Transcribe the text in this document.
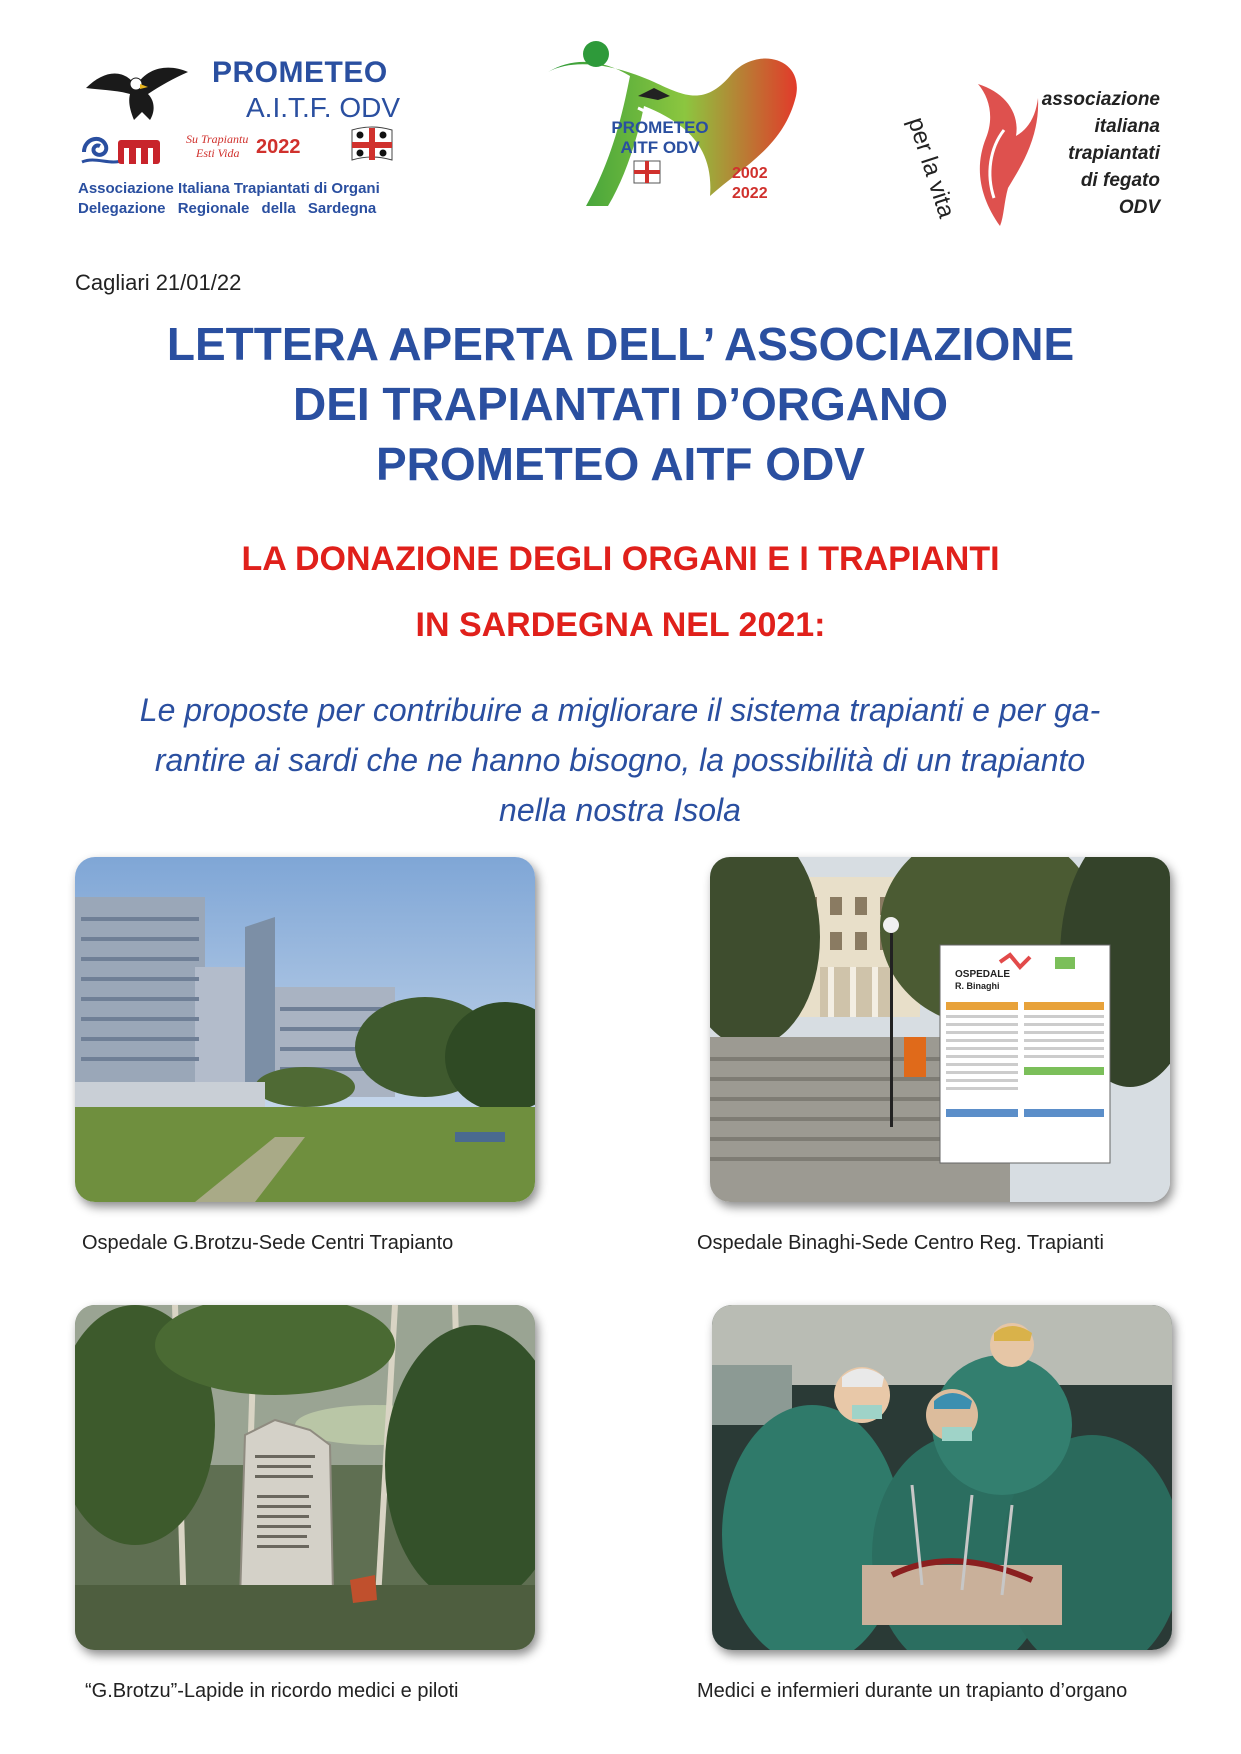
PROMETEO
A.I.T.F. ODV
Su Trapiantu
Esti Vida 2022
Associazione Italiana Trapiantati di Organi
Delegazione Regionale della Sardegna
PROMETEO
AITF ODV
2002
2022	per la vita
associazione
italiana
trapiantati
di fegato
ODV
Cagliari 21/01/22
LETTERA APERTA DELL’ ASSOCIAZIONE
DEI TRAPIANTATI D’ORGANO
PROMETEO AITF ODV
LA DONAZIONE DEGLI ORGANI E I TRAPIANTI
IN SARDEGNA NEL 2021:
Le proposte per contribuire a migliorare il sistema trapianti e per ga-
rantire ai sardi che ne hanno bisogno, la possibilità di un trapianto
nella nostra Isola
Ospedale G.Brotzu-Sede Centri Trapianto
OSPEDALE
R. Binaghi
Ospedale Binaghi-Sede Centro Reg. Trapianti
“G.Brotzu”-Lapide in ricordo medici e piloti	Medici e infermieri durante un trapianto d’organo
